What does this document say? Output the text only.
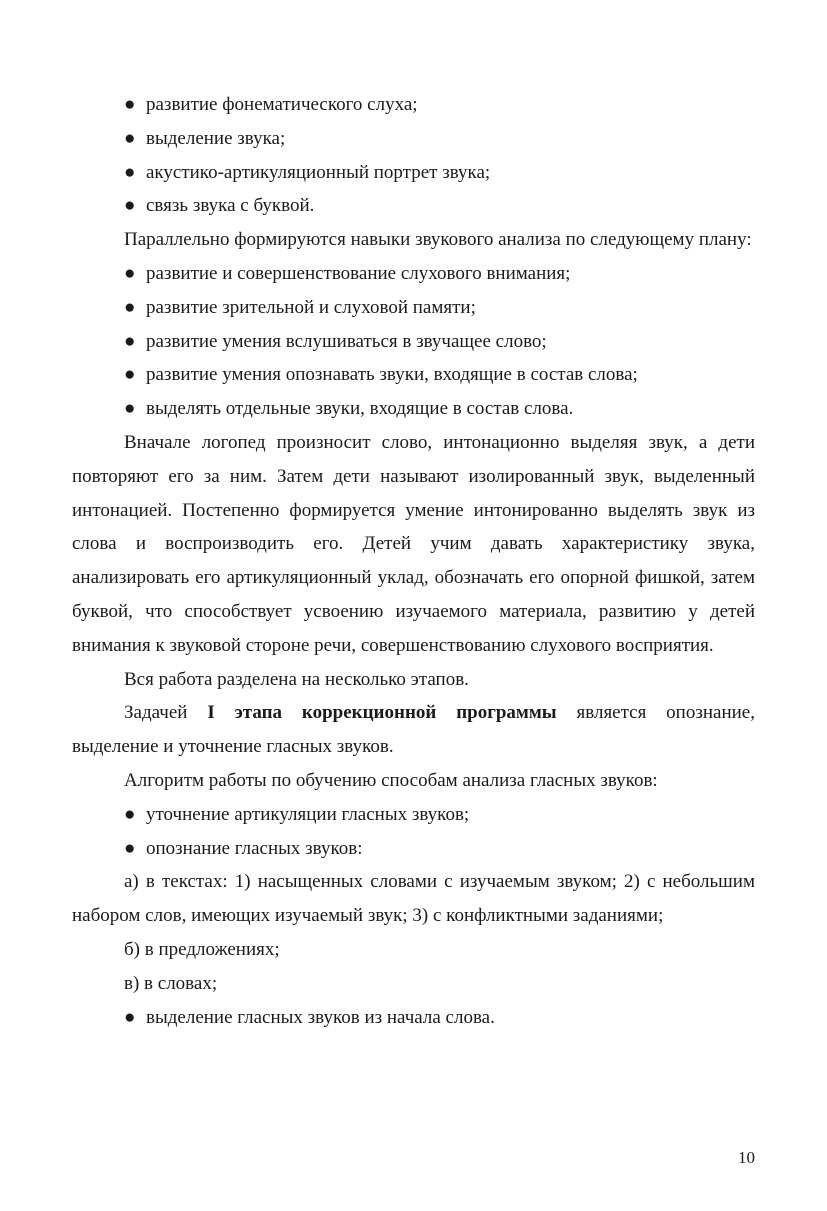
● развитие фонематического слуха;
● выделение звука;
● акустико-артикуляционный портрет звука;
● связь звука с буквой.

Параллельно формируются навыки звукового анализа по следующему плану:

● развитие и совершенствование слухового внимания;
● развитие зрительной и слуховой памяти;
● развитие умения вслушиваться в звучащее слово;
● развитие умения опознавать звуки, входящие в состав слова;
● выделять отдельные звуки, входящие в состав слова.

Вначале логопед произносит слово, интонационно выделяя звук, а дети повторяют его за ним. Затем дети называют изолированный звук, выделенный интонацией. Постепенно формируется умение интонированно выделять звук из слова и воспроизводить его. Детей учим давать характеристику звука, анализировать его артикуляционный уклад, обозначать его опорной фишкой, затем буквой, что способствует усвоению изучаемого материала, развитию у детей внимания к звуковой стороне речи, совершенствованию слухового восприятия.

Вся работа разделена на несколько этапов.

Задачей I этапа коррекционной программы является опознание, выделение и уточнение гласных звуков.

Алгоритм работы по обучению способам анализа гласных звуков:

● уточнение артикуляции гласных звуков;
● опознание гласных звуков:

а) в текстах: 1) насыщенных словами с изучаемым звуком; 2) с небольшим набором слов, имеющих изучаемый звук; 3) с конфликтными заданиями;

б) в предложениях;

в) в словах;

● выделение гласных звуков из начала слова.
10
